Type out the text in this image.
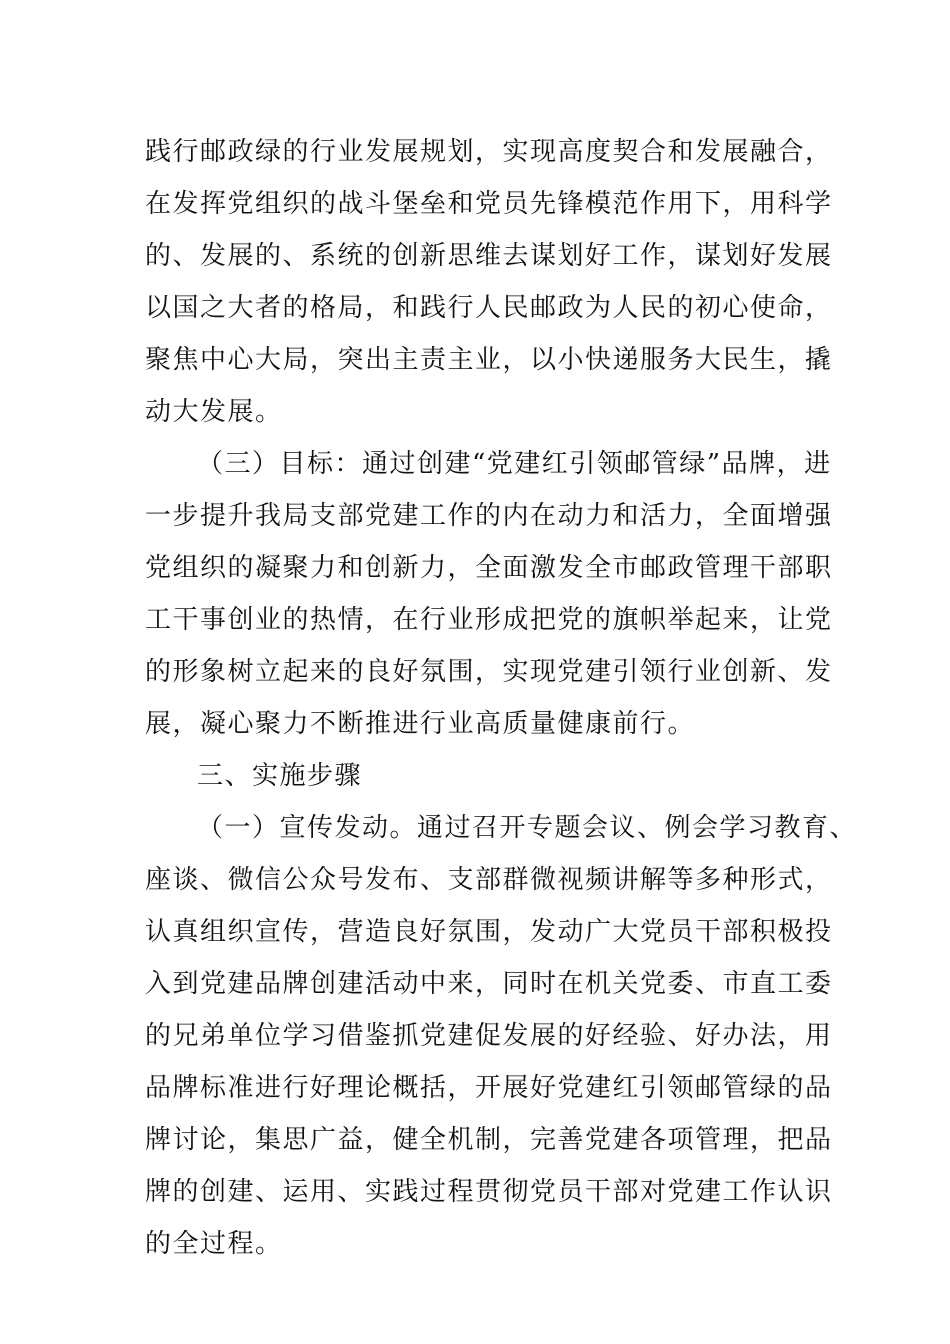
践行邮政绿的行业发展规划，实现高度契合和发展融合，
在发挥党组织的战斗堡垒和党员先锋模范作用下，用科学
的、发展的、系统的创新思维去谋划好工作，谋划好发展
以国之大者的格局，和践行人民邮政为人民的初心使命，
聚焦中心大局，突出主责主业，以小快递服务大民生，撬
动大发展。
（三）目标：通过创建“党建红引领邮管绿”品牌，进
一步提升我局支部党建工作的内在动力和活力，全面增强
党组织的凝聚力和创新力，全面激发全市邮政管理干部职
工干事创业的热情，在行业形成把党的旗帜举起来，让党
的形象树立起来的良好氛围，实现党建引领行业创新、发
展，凝心聚力不断推进行业高质量健康前行。
三、实施步骤
（一）宣传发动。通过召开专题会议、例会学习教育、
座谈、微信公众号发布、支部群微视频讲解等多种形式，
认真组织宣传，营造良好氛围，发动广大党员干部积极投
入到党建品牌创建活动中来，同时在机关党委、市直工委
的兄弟单位学习借鉴抓党建促发展的好经验、好办法，用
品牌标准进行好理论概括，开展好党建红引领邮管绿的品
牌讨论，集思广益，健全机制，完善党建各项管理，把品
牌的创建、运用、实践过程贯彻党员干部对党建工作认识
的全过程。
